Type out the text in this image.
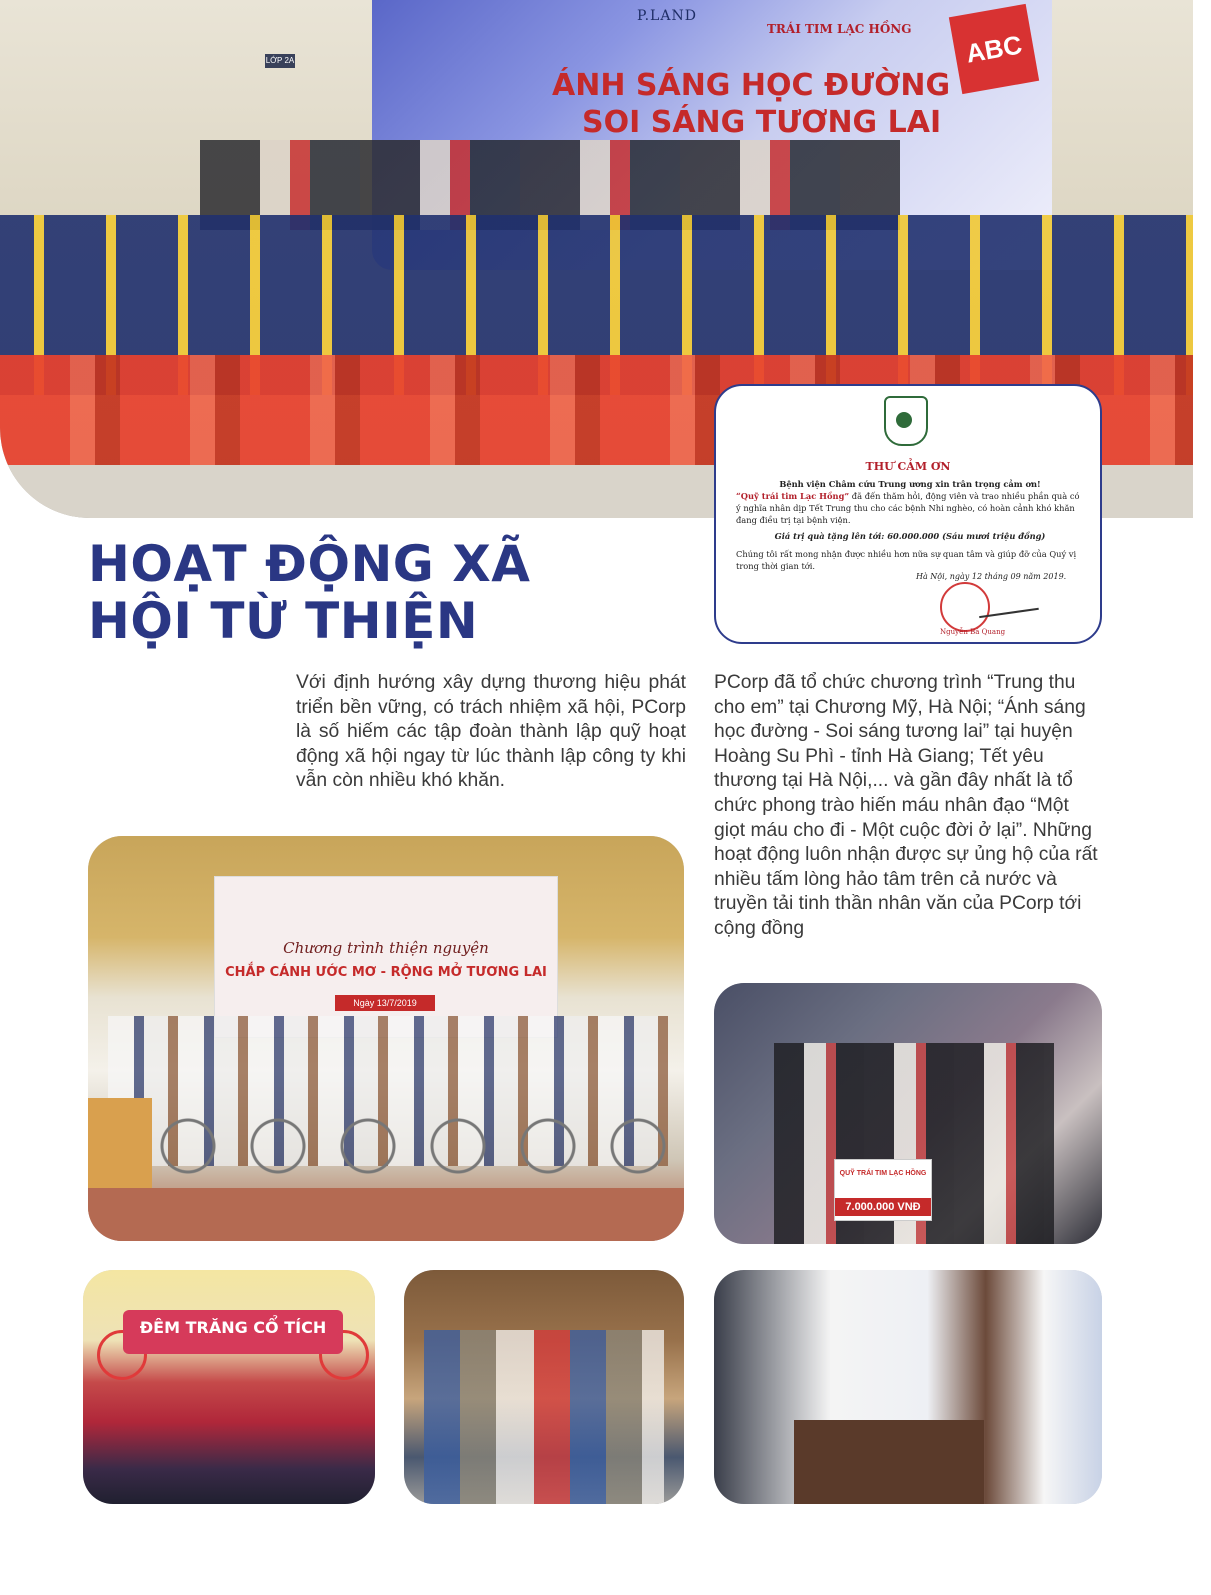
P.LAND
TRÁI TIM LẠC HỒNG
ÁNH SÁNG HỌC ĐƯỜNG
SOI SÁNG TƯƠNG LAI
ABC
LỚP 2A
THƯ CẢM ƠN
Bệnh viện Châm cứu Trung ương xin trân trọng cảm ơn!
“Quỹ trái tim Lạc Hồng” đã đến thăm hỏi, động viên và trao nhiều phần quà có ý nghĩa nhân dịp Tết Trung thu cho các bệnh Nhi nghèo, có hoàn cảnh khó khăn đang điều trị tại bệnh viện.
Giá trị quà tặng lên tới: 60.000.000 (Sáu mươi triệu đồng)
Chúng tôi rất mong nhận được nhiều hơn nữa sự quan tâm và giúp đỡ của Quý vị trong thời gian tới.
Hà Nội, ngày 12 tháng 09 năm 2019.
Nguyễn Bá Quang
HOẠT ĐỘNG XÃ
HỘI TỪ THIỆN
Với định hướng xây dựng thương hiệu phát triển bền vững, có trách nhiệm xã hội, PCorp là số hiếm các tập đoàn thành lập quỹ hoạt động xã hội ngay từ lúc thành lập công ty khi vẫn còn nhiều khó khăn.
PCorp đã tổ chức chương trình “Trung thu cho em” tại Chương Mỹ, Hà Nội; “Ánh sáng học đường - Soi sáng tương lai” tại huyện Hoàng Su Phì - tỉnh Hà Giang; Tết yêu thương tại Hà Nội,... và gần đây nhất là tổ chức phong trào hiến máu nhân đạo “Một giọt máu cho đi - Một cuộc đời ở lại”. Những hoạt động luôn nhận được sự ủng hộ của rất nhiều tấm lòng hảo tâm trên cả nước và truyền tải tinh thần nhân văn của PCorp tới cộng đồng
Chương trình thiện nguyện
CHẮP CÁNH ƯỚC MƠ - RỘNG MỞ TƯƠNG LAI
Ngày 13/7/2019
QUỸ TRÁI TIM LẠC HỒNG
7.000.000 VNĐ
ĐÊM TRĂNG CỔ TÍCH
